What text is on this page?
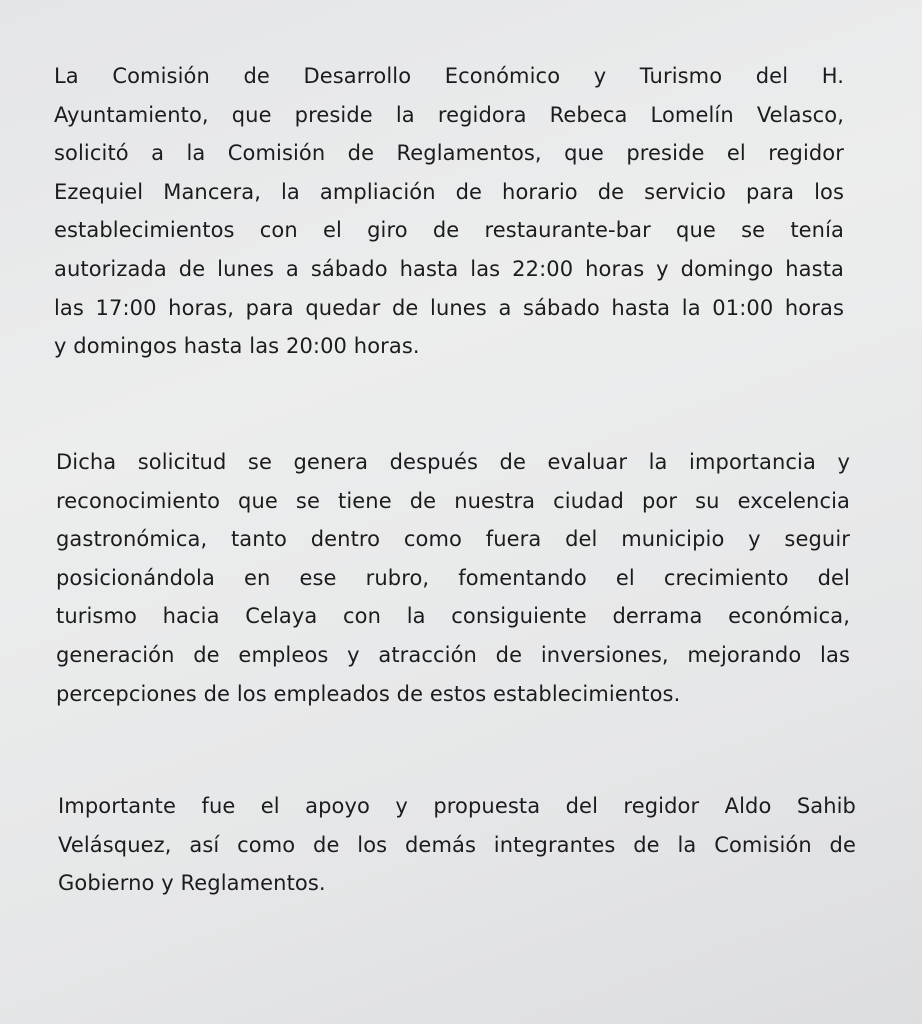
La Comisión de Desarrollo Económico y Turismo del H.
Ayuntamiento, que preside la regidora Rebeca Lomelín Velasco,
solicitó a la Comisión de Reglamentos, que preside el regidor
Ezequiel Mancera, la ampliación de horario de servicio para los
establecimientos con el giro de restaurante-bar que se tenía
autorizada de lunes a sábado hasta las 22:00 horas y domingo hasta
las 17:00 horas, para quedar de lunes a sábado hasta la 01:00 horas
y domingos hasta las 20:00 horas.

Dicha solicitud se genera después de evaluar la importancia y
reconocimiento que se tiene de nuestra ciudad por su excelencia
gastronómica, tanto dentro como fuera del municipio y seguir
posicionándola en ese rubro, fomentando el crecimiento del
turismo hacia Celaya con la consiguiente derrama económica,
generación de empleos y atracción de inversiones, mejorando las
percepciones de los empleados de estos establecimientos.

Importante fue el apoyo y propuesta del regidor Aldo Sahib
Velásquez, así como de los demás integrantes de la Comisión de
Gobierno y Reglamentos.
